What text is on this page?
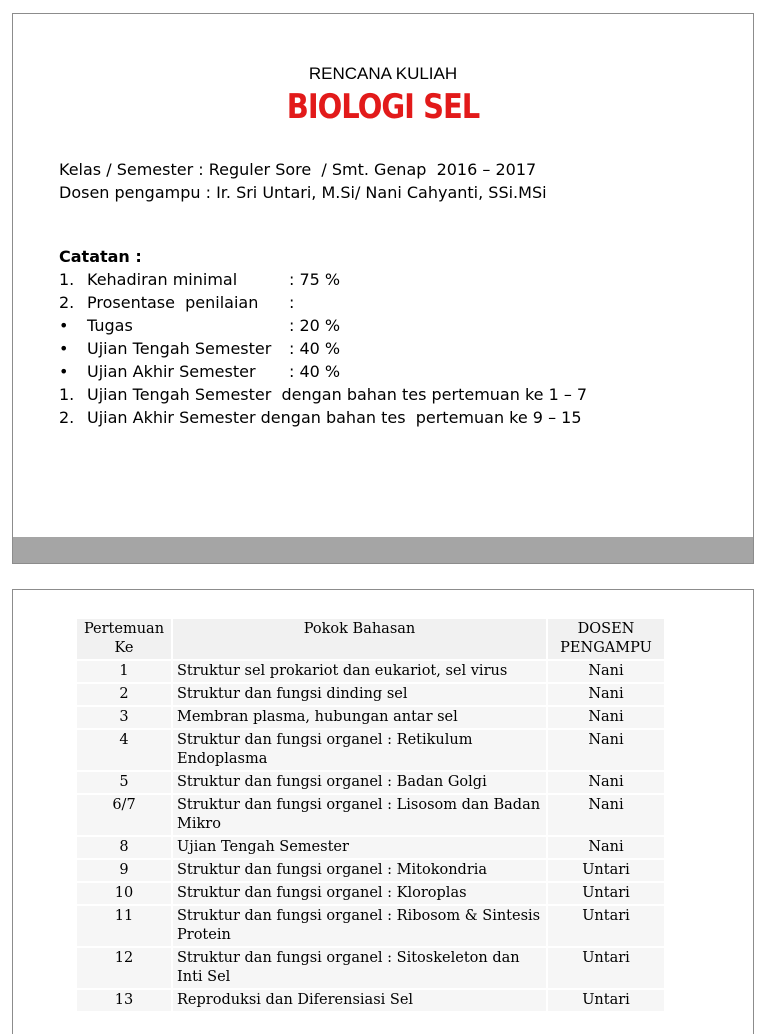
RENCANA KULIAH
BIOLOGI SEL
Kelas / Semester : Reguler Sore  / Smt. Genap  2016 – 2017
Dosen pengampu : Ir. Sri Untari, M.Si/ Nani Cahyanti, SSi.MSi
Catatan :
1. Kehadiran minimal	: 75 %
2. Prosentase  penilaian	:
•	Tugas	: 20 %
•	Ujian Tengah Semester	: 40 %
•	Ujian Akhir Semester	: 40 %
1. Ujian Tengah Semester  dengan bahan tes pertemuan ke 1 – 7
2. Ujian Akhir Semester dengan bahan tes  pertemuan ke 9 – 15
Pertemuan Ke	Pokok Bahasan	DOSEN PENGAMPU
1	Struktur sel prokariot dan eukariot, sel virus	Nani
2	Struktur dan fungsi dinding sel	Nani
3	Membran plasma, hubungan antar sel	Nani
4	Struktur dan fungsi organel : Retikulum Endoplasma	Nani
5	Struktur dan fungsi organel : Badan Golgi	Nani
6/7	Struktur dan fungsi organel : Lisosom dan Badan Mikro	Nani
8	Ujian Tengah Semester	Nani
9	Struktur dan fungsi organel : Mitokondria	Untari
10	Struktur dan fungsi organel : Kloroplas	Untari
11	Struktur dan fungsi organel : Ribosom & Sintesis Protein	Untari
12	Struktur dan fungsi organel : Sitoskeleton dan Inti Sel	Untari
13	Reproduksi dan Diferensiasi Sel	Untari
